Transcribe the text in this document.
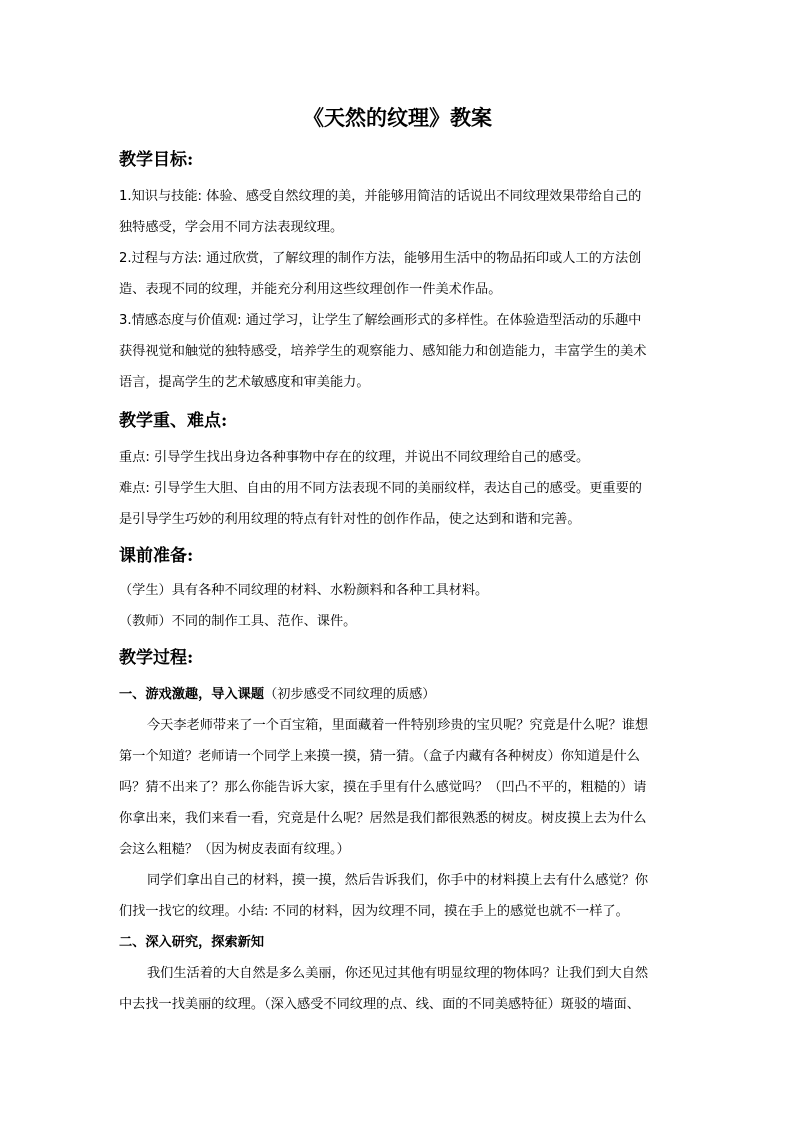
《天然的纹理》教案
教学目标:
1.知识与技能: 体验、感受自然纹理的美，并能够用简洁的话说出不同纹理效果带给自己的
独特感受，学会用不同方法表现纹理。
2.过程与方法: 通过欣赏，了解纹理的制作方法，能够用生活中的物品拓印或人工的方法创
造、表现不同的纹理，并能充分利用这些纹理创作一件美术作品。
3.情感态度与价值观: 通过学习，让学生了解绘画形式的多样性。在体验造型活动的乐趣中
获得视觉和触觉的独特感受，培养学生的观察能力、感知能力和创造能力，丰富学生的美术
语言，提高学生的艺术敏感度和审美能力。
教学重、难点:
重点: 引导学生找出身边各种事物中存在的纹理，并说出不同纹理给自己的感受。
难点: 引导学生大胆、自由的用不同方法表现不同的美丽纹样，表达自己的感受。更重要的
是引导学生巧妙的利用纹理的特点有针对性的创作作品，使之达到和谐和完善。
课前准备:
（学生）具有各种不同纹理的材料、水粉颜料和各种工具材料。
（教师）不同的制作工具、范作、课件。
教学过程:
一、游戏激趣，导入课题（初步感受不同纹理的质感）
今天李老师带来了一个百宝箱，里面藏着一件特别珍贵的宝贝呢？究竟是什么呢？谁想
第一个知道？老师请一个同学上来摸一摸，猜一猜。（盒子内藏有各种树皮）你知道是什么
吗？猜不出来了？那么你能告诉大家，摸在手里有什么感觉吗？（凹凸不平的，粗糙的）请
你拿出来，我们来看一看，究竟是什么呢？居然是我们都很熟悉的树皮。树皮摸上去为什么
会这么粗糙？（因为树皮表面有纹理。）
同学们拿出自己的材料，摸一摸，然后告诉我们，你手中的材料摸上去有什么感觉？你
们找一找它的纹理。小结: 不同的材料，因为纹理不同，摸在手上的感觉也就不一样了。
二、深入研究，探索新知
我们生活着的大自然是多么美丽，你还见过其他有明显纹理的物体吗？让我们到大自然
中去找一找美丽的纹理。（深入感受不同纹理的点、线、面的不同美感特征）斑驳的墙面、
